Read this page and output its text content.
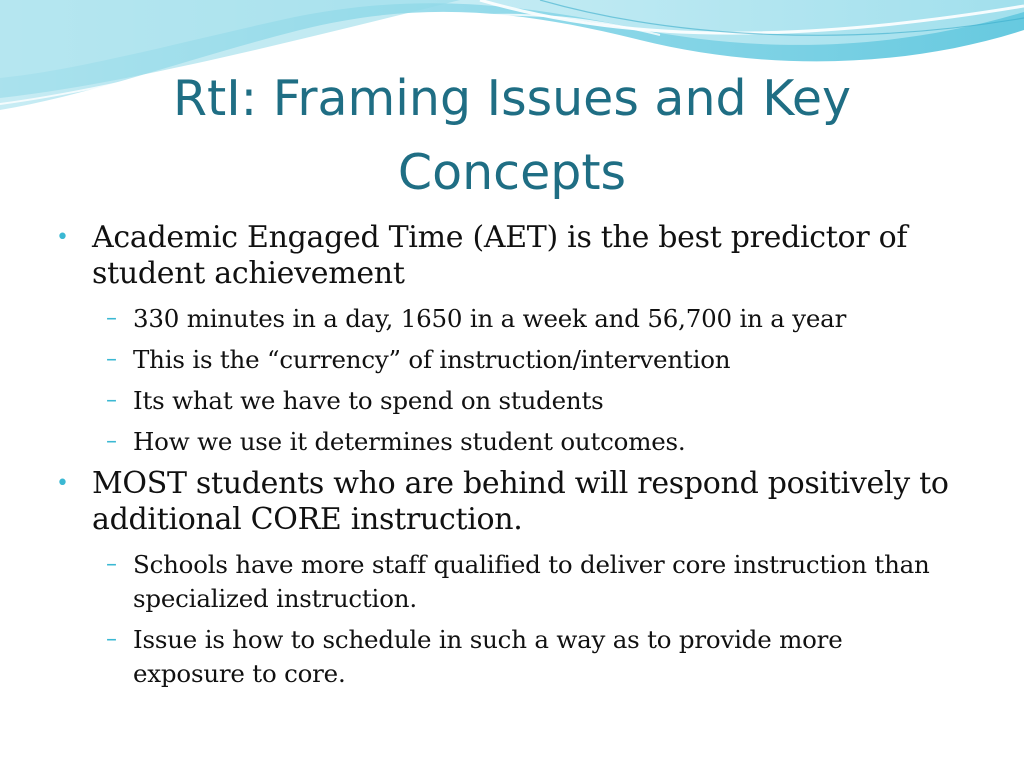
RtI: Framing Issues and Key Concepts
• Academic Engaged Time (AET) is the best predictor of student achievement
– 330 minutes in a day, 1650 in a week and 56,700 in a year
– This is the “currency” of instruction/intervention
– Its what we have to spend on students
– How we use it determines student outcomes.
• MOST students who are behind will respond positively to additional CORE instruction.
– Schools have more staff qualified to deliver core instruction than specialized instruction.
– Issue is how to schedule in such a way as to provide more exposure to core.
